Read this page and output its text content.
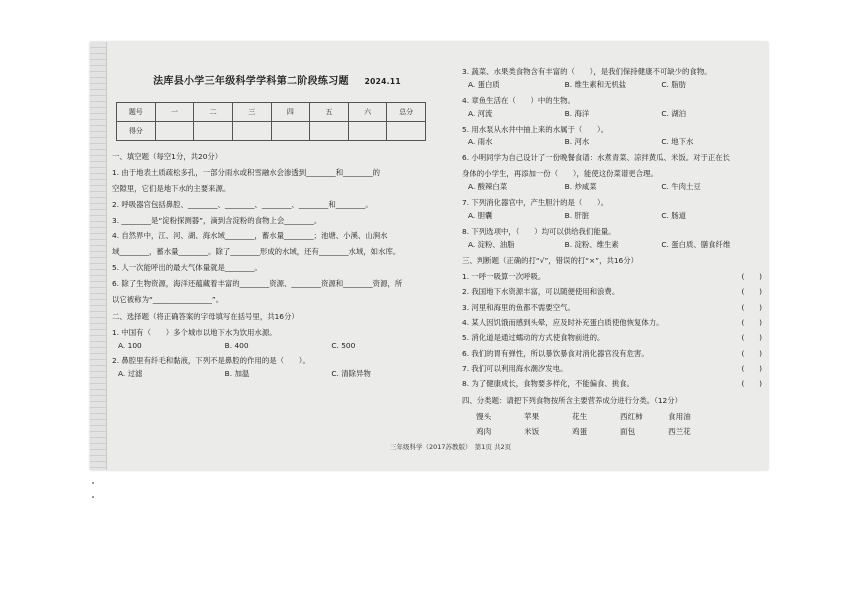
法库县小学三年级科学学科第二阶段练习题 2024.11
题号	一	二	三	四	五	六	总分
得分							
一、填空题（每空1分，共20分）
1. 由于地表土质疏松多孔，一部分雨水或积雪融水会渗透到________和________的
空隙里，它们是地下水的主要来源。
2. 呼吸器官包括鼻腔、________、________、________、________和________。
3. ________是“淀粉探测器”，滴到含淀粉的食物上会________。
4. 自然界中，江、河、湖、海水域________，蓄水量________；池塘、小溪、山涧水
域________，蓄水量________。除了________形成的水域，还有________水域，如水库。
5. 人一次能呼出的最大气体量就是________。
6. 除了生物资源，海洋还蕴藏着丰富的________资源、________资源和________资源，所
以它被称为“________________”。
二、选择题（将正确答案的字母填写在括号里，共16分）
1. 中国有（　　）多个城市以地下水为饮用水源。
A. 100	B. 400	C. 500
2. 鼻腔里有纤毛和黏液，下列不是鼻腔的作用的是（　　）。
A. 过滤	B. 加温	C. 清除异物
3. 蔬菜、水果类食物含有丰富的（　　），是我们保持健康不可缺少的食物。
A. 蛋白质	B. 维生素和无机盐	C. 脂肪
4. 章鱼生活在（　　）中的生物。
A. 河流	B. 海洋	C. 湖泊
5. 用水泵从水井中抽上来的水属于（　　）。
A. 雨水	B. 河水	C. 地下水
6. 小明同学为自己设计了一份晚餐食谱：水煮青菜、凉拌黄瓜、米饭。对于正在长
身体的小学生，再添加一份（　　），能使这份菜谱更合理。
A. 酸辣白菜	B. 炒咸菜	C. 牛肉土豆
7. 下列消化器官中，产生胆汁的是（　　）。
A. 胆囊	B. 肝脏	C. 肠道
8. 下列选项中，（　　）均可以供给我们能量。
A. 淀粉、油脂	B. 淀粉、维生素	C. 蛋白质、膳食纤维
三、判断题（正确的打“√”，错误的打“×”，共16分）
1. 一呼一吸算一次呼吸。	(　　)
2. 我国地下水资源丰富，可以随便使用和浪费。	(　　)
3. 河里和海里的鱼都不需要空气。	(　　)
4. 某人因饥饿而感到头晕，应及时补充蛋白质使他恢复体力。	(　　)
5. 消化道是通过蠕动的方式使食物前进的。	(　　)
6. 我们的胃有弹性，所以暴饮暴食对消化器官没有危害。	(　　)
7. 我们可以利用海水潮汐发电。	(　　)
8. 为了健康成长，食物要多样化，不能偏食、挑食。	(　　)
四、分类题：请把下列食物按所含主要营养成分进行分类。（12分）
馒头	苹果	花生	西红柿	食用油
鸡肉	米饭	鸡蛋	面包	西兰花
三年级科学（2017苏教版）　第1页 共2页
